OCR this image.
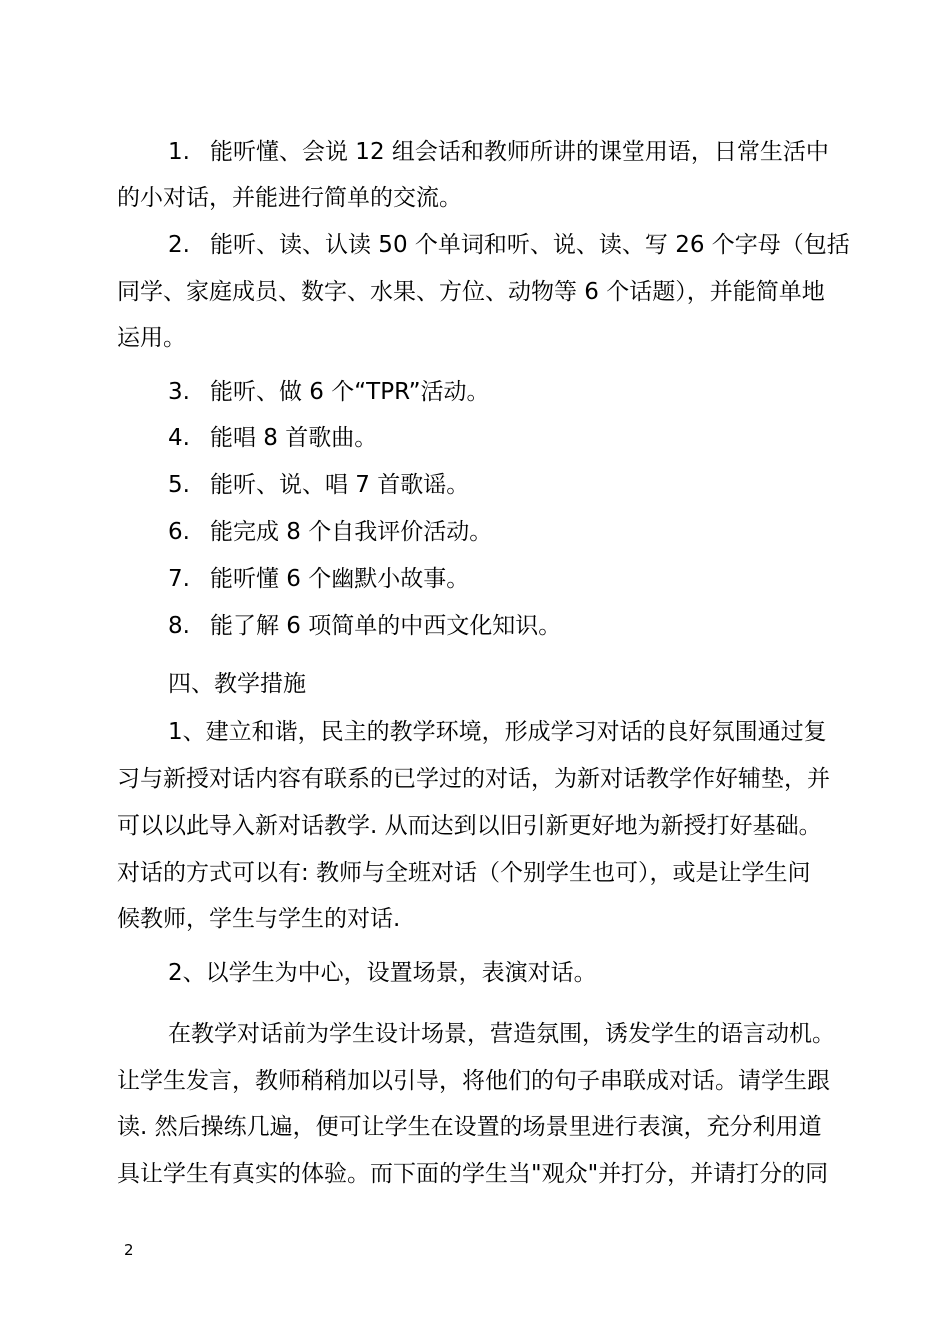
1. 能听懂、会说 12 组会话和教师所讲的课堂用语，日常生活中
的小对话，并能进行简单的交流。
2. 能听、读、认读 50 个单词和听、说、读、写 26 个字母（包括
同学、家庭成员、数字、水果、方位、动物等 6 个话题），并能简单地
运用。
3. 能听、做 6 个“TPR”活动。
4. 能唱 8 首歌曲。
5. 能听、说、唱 7 首歌谣。
6. 能完成 8 个自我评价活动。
7. 能听懂 6 个幽默小故事。
8. 能了解 6 项简单的中西文化知识。
四、教学措施
1、建立和谐，民主的教学环境，形成学习对话的良好氛围通过复
习与新授对话内容有联系的已学过的对话，为新对话教学作好辅垫，并
可以以此导入新对话教学. 从而达到以旧引新更好地为新授打好基础。
对话的方式可以有: 教师与全班对话（个别学生也可），或是让学生问
候教师，学生与学生的对话.
2、以学生为中心，设置场景，表演对话。
在教学对话前为学生设计场景，营造氛围，诱发学生的语言动机。
让学生发言，教师稍稍加以引导，将他们的句子串联成对话。请学生跟
读. 然后操练几遍，便可让学生在设置的场景里进行表演，充分利用道
具让学生有真实的体验。而下面的学生当"观众"并打分，并请打分的同
2
